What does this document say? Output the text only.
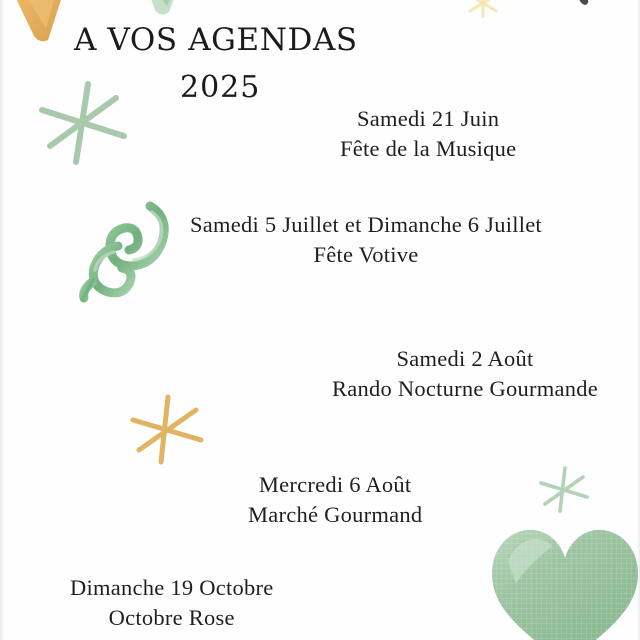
A VOS AGENDAS
2025
Samedi 21 Juin
Fête de la Musique
Samedi 5 Juillet et Dimanche 6 Juillet
Fête Votive
Samedi 2 Août
Rando Nocturne Gourmande
Mercredi 6 Août
Marché Gourmand
Dimanche 19 Octobre
Octobre Rose
